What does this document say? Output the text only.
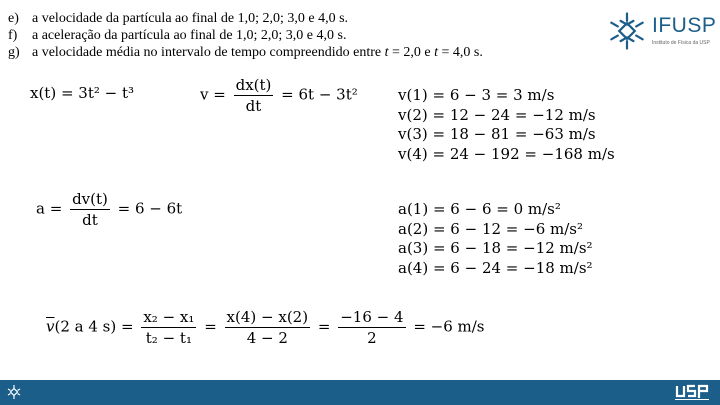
e) a velocidade da partícula ao final de 1,0; 2,0; 3,0 e 4,0 s.
f)	a aceleração da partícula ao final de 1,0; 2,0; 3,0 e 4,0 s.
g) a velocidade média no intervalo de tempo compreendido entre t = 2,0 e t = 4,0 s.
IFUSP
Instituto de Física da USP
x(t) = 3t² − t³	$v = \frac{dx(t)}{dt} = 6t - 3t^2$	v(1) = 6 − 3 = 3 m/s
v(2) = 12 − 24 = −12 m/s
v(3) = 18 − 81 = −63 m/s
v(4) = 24 − 192 = −168 m/s
$a = \frac{dv(t)}{dt} = 6 - 6t$	a(1) = 6 − 6 = 0 m/s²
a(2) = 6 − 12 = −6 m/s²
a(3) = 6 − 18 = −12 m/s²
a(4) = 6 − 24 = −18 m/s²
$\overline{v}(2$ a 4 $s) = \frac{\text{x₂ − x₁}}{\text{t₂ − t₁}} = \frac{x(4) - x(2)}{4 - 2} = \frac{-16 - 4}{2} = -6$ m/s
